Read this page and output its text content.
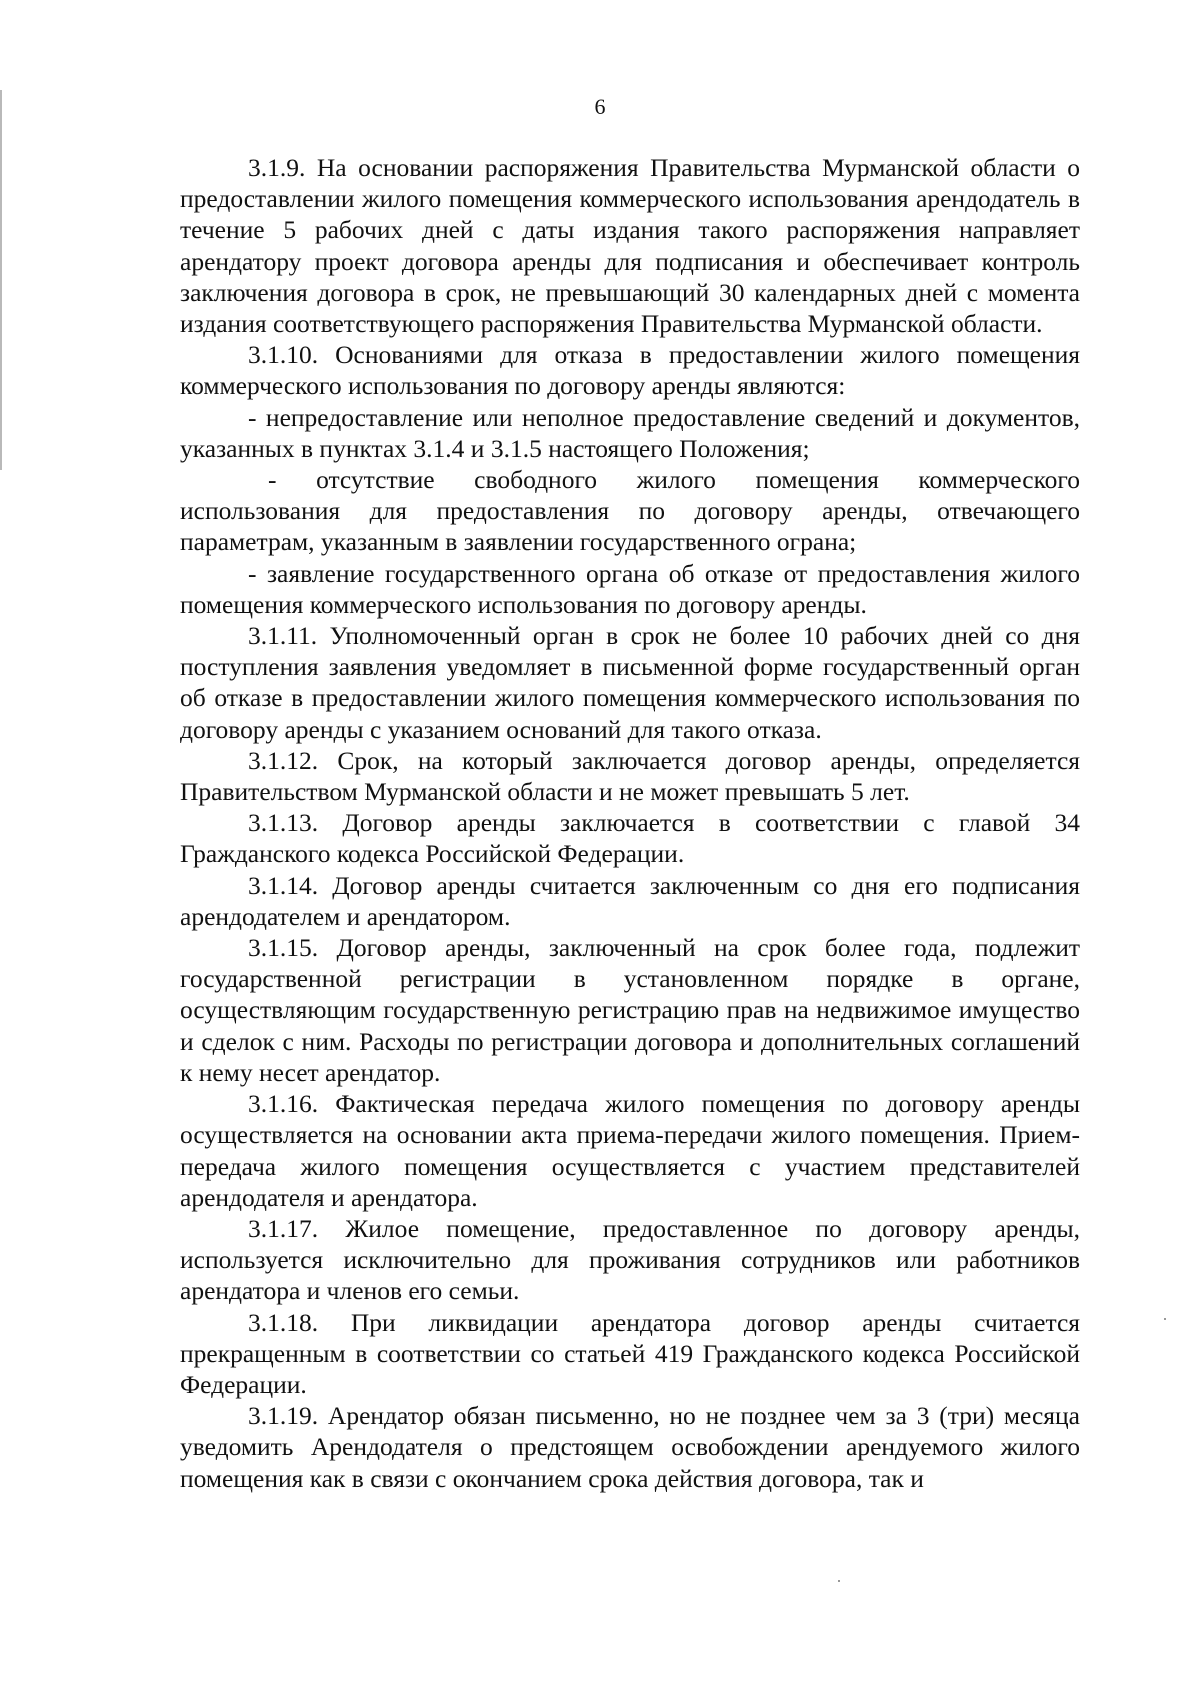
6

3.1.9. На основании распоряжения Правительства Мурманской области о предоставлении жилого помещения коммерческого использования арендодатель в течение 5 рабочих дней с даты издания такого распоряжения направляет арендатору проект договора аренды для подписания и обеспечивает контроль заключения договора в срок, не превышающий 30 календарных дней с момента издания соответствующего распоряжения Правительства Мурманской области.

3.1.10. Основаниями для отказа в предоставлении жилого помещения коммерческого использования по договору аренды являются:

- непредоставление или неполное предоставление сведений и документов, указанных в пунктах 3.1.4 и 3.1.5 настоящего Положения;

- отсутствие свободного жилого помещения коммерческого использования для предоставления по договору аренды, отвечающего параметрам, указанным в заявлении государственного огрaна;

- заявление государственного органа об отказе от предоставления жилого помещения коммерческого использования по договору аренды.

3.1.11. Уполномоченный орган в срок не более 10 рабочих дней со дня поступления заявления уведомляет в письменной форме государственный орган об отказе в предоставлении жилого помещения коммерческого использования по договору аренды с указанием оснований для такого отказа.

3.1.12. Срок, на который заключается договор аренды, определяется Правительством Мурманской области и не может превышать 5 лет.

3.1.13. Договор аренды заключается в соответствии с главой 34 Гражданского кодекса Российской Федерации.

3.1.14. Договор аренды считается заключенным со дня его подписания арендодателем и арендатором.

3.1.15. Договор аренды, заключенный на срок более года, подлежит государственной регистрации в установленном порядке в органе, осуществляющим государственную регистрацию прав на недвижимое имущество и сделок с ним. Расходы по регистрации договора и дополнительных соглашений к нему несет арендатор.

3.1.16. Фактическая передача жилого помещения по договору аренды осуществляется на основании акта приема-передачи жилого помещения. Прием-передача жилого помещения осуществляется с участием представителей арендодателя и арендатора.

3.1.17. Жилое помещение, предоставленное по договору аренды, используется исключительно для проживания сотрудников или работников арендатора и членов его семьи.

3.1.18. При ликвидации арендатора договор аренды считается прекращенным в соответствии со статьей 419 Гражданского кодекса Российской Федерации.

3.1.19. Арендатор обязан письменно, но не позднее чем за 3 (три) месяца уведомить Арендодателя о предстоящем освобождении арендуемого жилого помещения как в связи с окончанием срока действия договора, так и
